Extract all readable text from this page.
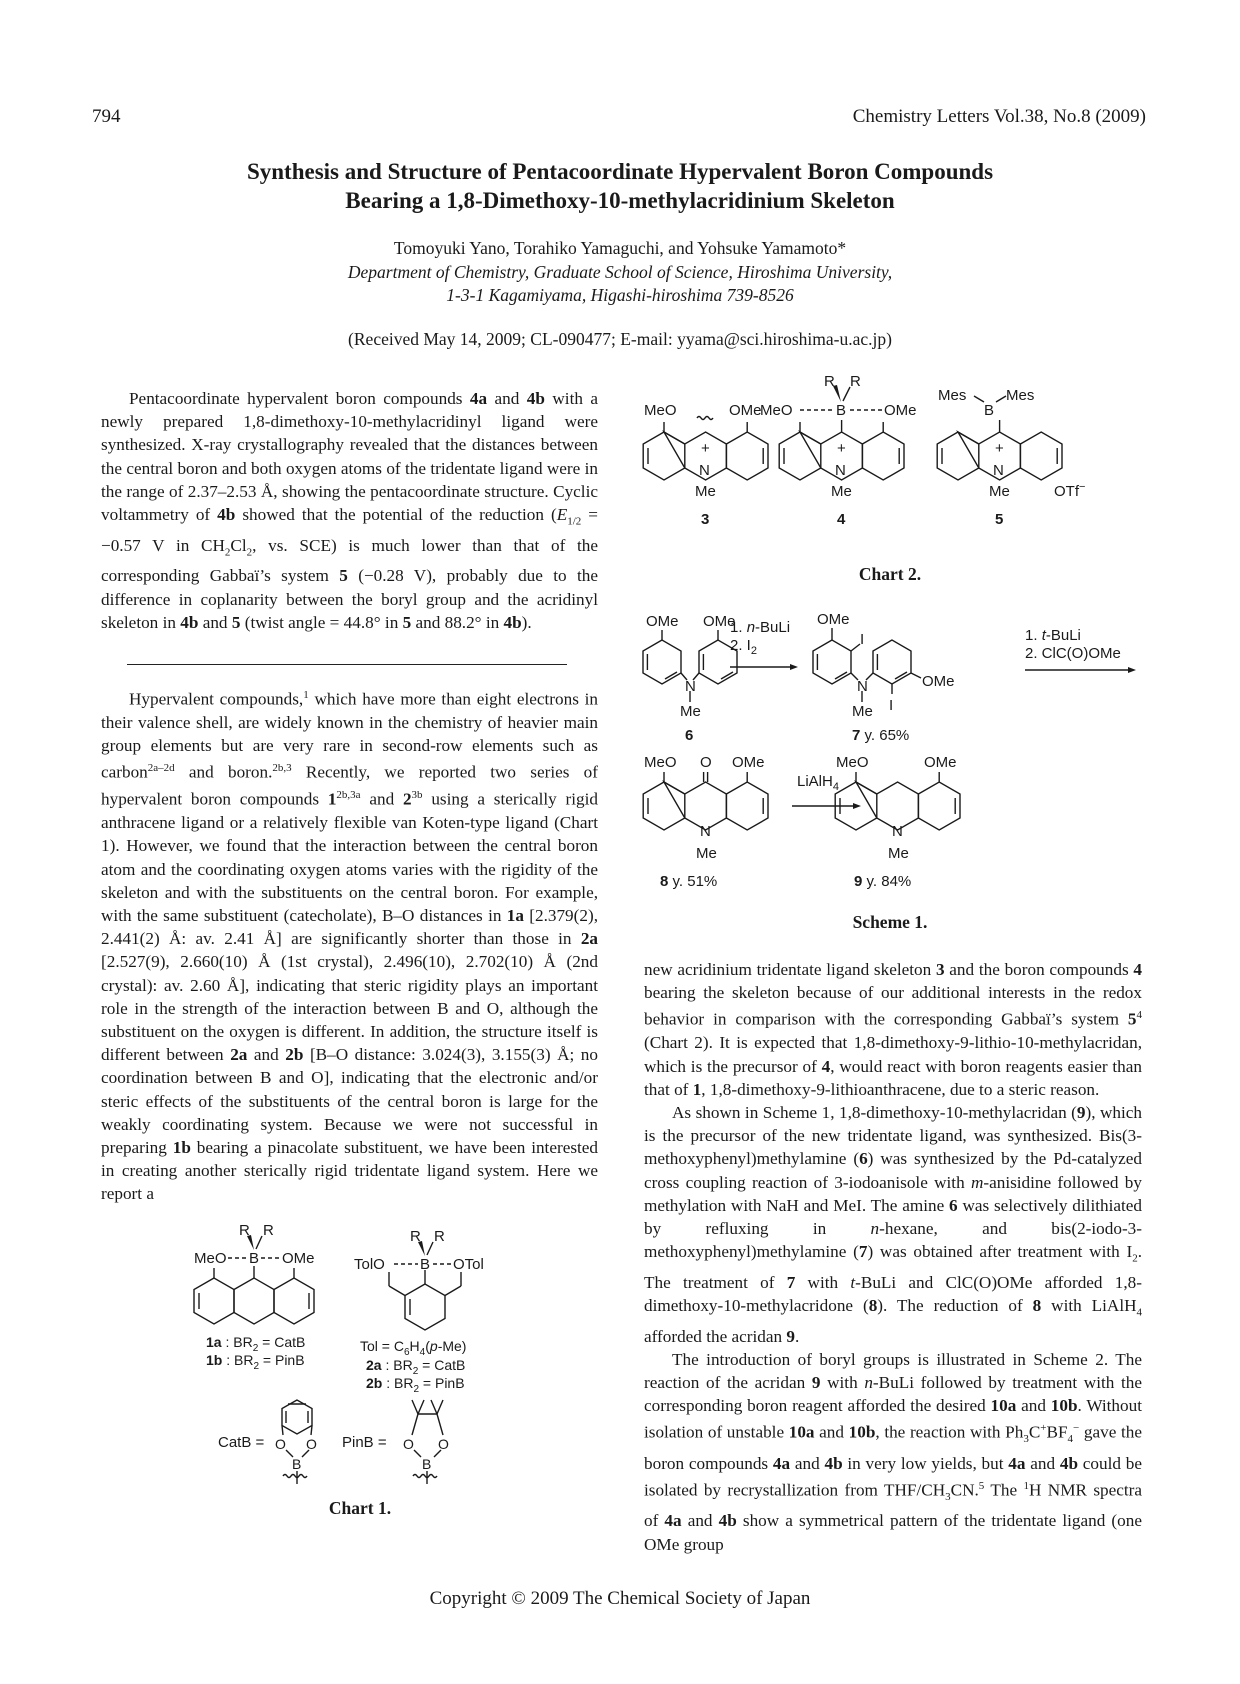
794	Chemistry Letters Vol.38, No.8 (2009)
Synthesis and Structure of Pentacoordinate Hypervalent Boron Compounds
Bearing a 1,8-Dimethoxy-10-methylacridinium Skeleton
Tomoyuki Yano, Torahiko Yamaguchi, and Yohsuke Yamamoto*
Department of Chemistry, Graduate School of Science, Hiroshima University,
1-3-1 Kagamiyama, Higashi-hiroshima 739-8526
(Received May 14, 2009; CL-090477; E-mail: yyama@sci.hiroshima-u.ac.jp)

Pentacoordinate hypervalent boron compounds 4a and 4b with a newly prepared 1,8-dimethoxy-10-methylacridinyl ligand were synthesized. X-ray crystallography revealed that the distances between the central boron and both oxygen atoms of the tridentate ligand were in the range of 2.37–2.53 Å, showing the pentacoordinate structure. Cyclic voltammetry of 4b showed that the potential of the reduction ($E_{1/2} = -0.57$ V in $CH_2Cl_2$, vs. SCE) is much lower than that of the corresponding Gabbaï’s system 5 (−0.28 V), probably due to the difference in coplanarity between the boryl group and the acridinyl skeleton in 4b and 5 (twist angle = 44.8° in 5 and 88.2° in 4b).

Hypervalent compounds,$^1$ which have more than eight electrons in their valence shell, are widely known in the chemistry of heavier main group elements but are very rare in second-row elements such as carbon$^{2a-2d}$ and boron.$^{2b,3}$ Recently, we reported two series of hypervalent boron compounds $1^{2b,3a}$ and $2^{3b}$ using a sterically rigid anthracene ligand or a relatively flexible van Koten-type ligand (Chart 1). However, we found that the interaction between the central boron atom and the coordinating oxygen atoms varies with the rigidity of the skeleton and with the substituents on the central boron. For example, with the same substituent (catecholate), B–O distances in 1a [2.379(2), 2.441(2) Å: av. 2.41 Å] are significantly shorter than those in 2a [2.527(9), 2.660(10) Å (1st crystal), 2.496(10), 2.702(10) Å (2nd crystal): av. 2.60 Å], indicating that steric rigidity plays an important role in the strength of the interaction between B and O, although the substituent on the oxygen is different. In addition, the structure itself is different between 2a and 2b [B–O distance: 3.024(3), 3.155(3) Å; no coordination between B and O], indicating that the electronic and/or steric effects of the substituents of the central boron is large for the weakly coordinating system. Because we were not successful in preparing 1b bearing a pinacolate substituent, we have been interested in creating another sterically rigid tridentate ligand system. Here we report a

new acridinium tridentate ligand skeleton 3 and the boron compounds 4 bearing the skeleton because of our additional interests in the redox behavior in comparison with the corresponding Gabbaï’s system $5^4$ (Chart 2). It is expected that 1,8-dimethoxy-9-lithio-10-methylacridan, which is the precursor of 4, would react with boron reagents easier than that of 1, 1,8-dimethoxy-9-lithioanthracene, due to a steric reason.

As shown in Scheme 1, 1,8-dimethoxy-10-methylacridan (9), which is the precursor of the new tridentate ligand, was synthesized. Bis(3-methoxyphenyl)methylamine (6) was synthesized by the Pd-catalyzed cross coupling reaction of 3-iodoanisole with m-anisidine followed by methylation with NaH and MeI. The amine 6 was selectively dilithiated by refluxing in n-hexane, and bis(2-iodo-3-methoxyphenyl)methylamine (7) was obtained after treatment with $I_2$. The treatment of 7 with t-BuLi and ClC(O)OMe afforded 1,8-dimethoxy-10-methylacridone (8). The reduction of 8 with LiAlH$_4$ afforded the acridan 9.

The introduction of boryl groups is illustrated in Scheme 2. The reaction of the acridan 9 with n-BuLi followed by treatment with the corresponding boron reagent afforded the desired 10a and 10b. Without isolation of unstable 10a and 10b, the reaction with $Ph_3C^+BF_4^-$ gave the boron compounds 4a and 4b in very low yields, but 4a and 4b could be isolated by recrystallization from THF/$CH_3CN.^5$ The $^1$H NMR spectra of 4a and 4b show a symmetrical pattern of the tridentate ligand (one OMe group

MeO	OMe
+
N
Me
3
MeO	B	OMe
R R
+
N
Me
4
B
Mes	Mes
+
N
Me	OTf−
5
Chart 2.
OMe OMe
N
Me
6
1. n-BuLi
2. $I_2$
OMe
I
N	OMe
Me I
7 y. 65%
1. t-BuLi
2. ClC(O)OMe
MeO O OMe
N
Me
8 y. 51%
LiAlH$_4$
MeO	OMe
N
Me
9 y. 84%
Scheme 1.
MeO B OMe
R R
1a : $BR_2$ = CatB
1b : $BR_2$ = PinB
TolO B OTol
R R
Tol = $C_6H_4(p-Me)$
2a : $BR_2$ = CatB
2b : $BR_2$ = PinB
CatB = O O
B
PinB = O O
B
Chart 1.
Copyright © 2009 The Chemical Society of Japan
